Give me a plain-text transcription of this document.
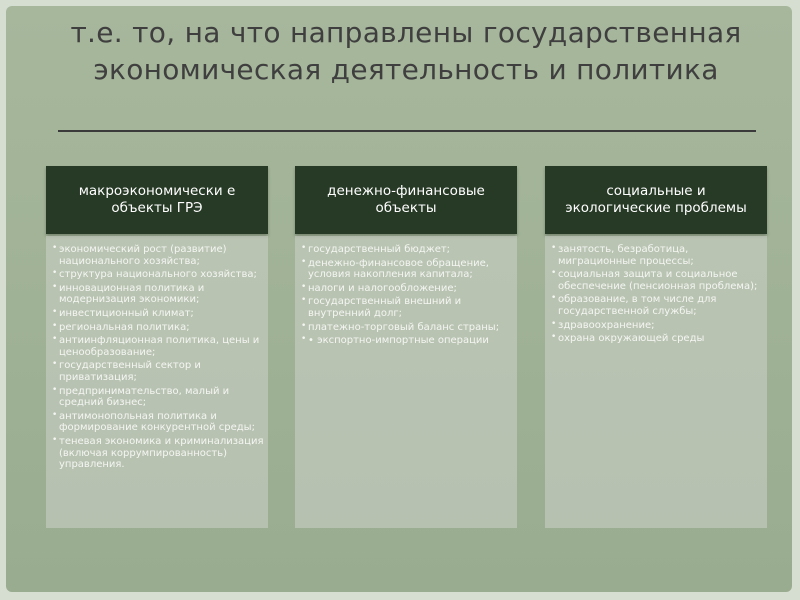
т.е. то, на что направлены государственная экономическая деятельность и политика
макроэкономически е объекты ГРЭ
• экономический рост (развитие) национального хозяйства;
• структура национального хозяйства;
• инновационная политика и модернизация экономики;
• инвестиционный климат;
• региональная политика;
• антиинфляционная политика, цены и ценообразование;
• государственный сектор и приватизация;
• предпринимательство, малый и средний бизнес;
• антимонопольная политика и формирование конкурентной среды;
• теневая экономика и криминализация (включая коррумпированность) управления.
денежно-финансовые объекты
• государственный бюджет;
• денежно-финансовое обращение, условия накопления капитала;
• налоги и налогообложение;
• государственный внешний и внутренний долг;
• платежно-торговый баланс страны;
• • экспортно-импортные операции
социальные и экологические проблемы
• занятость, безработица, миграционные процессы;
• социальная защита и социальное обеспечение (пенсионная проблема);
• образование, в том числе для государственной службы;
• здравоохранение;
• охрана окружающей среды
